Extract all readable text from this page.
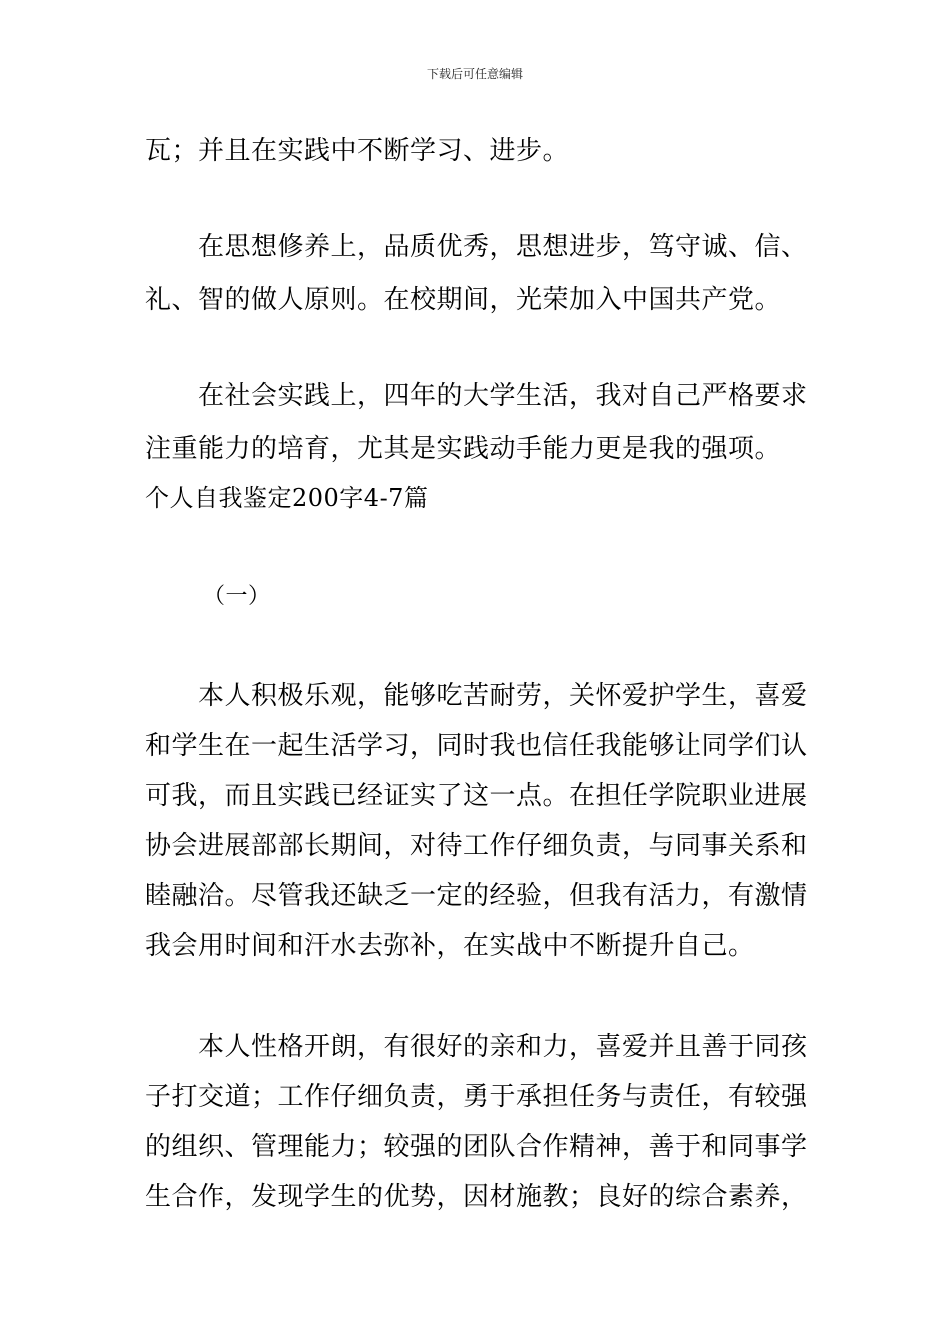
下载后可任意编辑
瓦；并且在实践中不断学习、进步。
在思想修养上，品质优秀，思想进步，笃守诚、信、
礼、智的做人原则。在校期间，光荣加入中国共产党。
在社会实践上，四年的大学生活，我对自己严格要求
注重能力的培育，尤其是实践动手能力更是我的强项。
个人自我鉴定200字4-7篇
（一）
本人积极乐观，能够吃苦耐劳，关怀爱护学生，喜爱
和学生在一起生活学习，同时我也信任我能够让同学们认
可我，而且实践已经证实了这一点。在担任学院职业进展
协会进展部部长期间，对待工作仔细负责，与同事关系和
睦融洽。尽管我还缺乏一定的经验，但我有活力，有激情
我会用时间和汗水去弥补，在实战中不断提升自己。
本人性格开朗，有很好的亲和力，喜爱并且善于同孩
子打交道；工作仔细负责，勇于承担任务与责任，有较强
的组织、管理能力；较强的团队合作精神，善于和同事学
生合作，发现学生的优势，因材施教；良好的综合素养，
